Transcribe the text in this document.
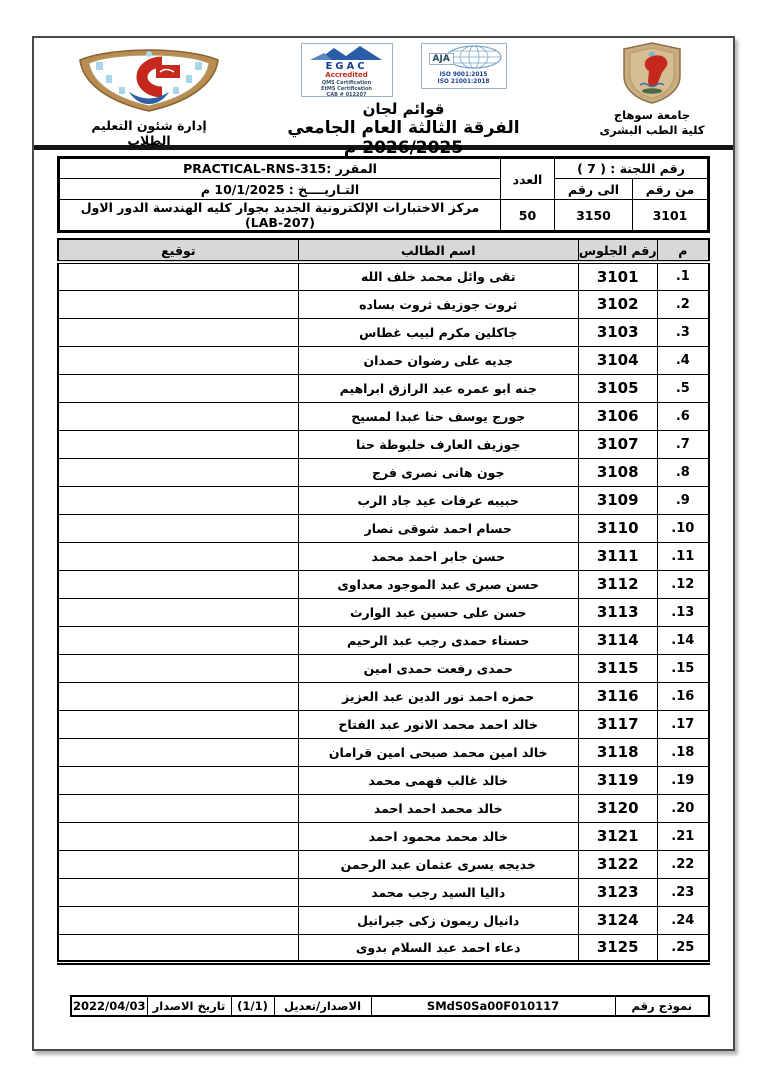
جامعة سوهاج
كلية الطب البشرى
EGAC
Accredited
QMS Certification
EtMS Certification
CAB # 012207
AJA
ISO 9001:2015
ISO 21001:2018
قوائم لجان
الفرقة الثالثة العام الجامعي 2026/2025 م
إدارة شئون التعليم الطلاب
رقم اللجنة : ( 7 )		العدد	المقرر :PRACTICAL-RNS-315
من رقم	الى رقم		التـاريــــخ : 10/1/2025 م
3101	3150	50	مركز الاختبارات الإلكترونية الجديد بجوار كليه الهندسة الدور الاول (LAB-207)
م	رقم الجلوس	اسم الطالب	توقيع
1.	3101	تقى وائل محمد خلف الله	
2.	3102	ثروت جوزيف ثروت بساده	
3.	3103	جاكلين مكرم لبيب غطاس	
4.	3104	جديه على رضوان حمدان	
5.	3105	جنه ابو عمره عبد الرازق ابراهيم	
6.	3106	جورج يوسف حنا عبدا لمسيح	
7.	3107	جوزيف العارف خلبوطة حنا	
8.	3108	جون هانى نصرى فرج	
9.	3109	حبيبه عرفات عيد جاد الرب	
10.	3110	حسام احمد شوقى نصار	
11.	3111	حسن جابر احمد محمد	
12.	3112	حسن صبرى عبد الموجود معداوى	
13.	3113	حسن على حسين عبد الوارث	
14.	3114	حسناء حمدى رجب عبد الرحيم	
15.	3115	حمدى رفعت حمدى امين	
16.	3116	حمزه احمد نور الدين عبد العزيز	
17.	3117	خالد احمد محمد الانور عبد الفتاح	
18.	3118	خالد امين محمد صبحى امين قرامان	
19.	3119	خالد غالب فهمى محمد	
20.	3120	خالد محمد احمد احمد	
21.	3121	خالد محمد محمود احمد	
22.	3122	خديجه يسرى عثمان عبد الرحمن	
23.	3123	داليا السيد رجب محمد	
24.	3124	دانيال ريمون زكى جبرانيل	
25.	3125	دعاء احمد عبد السلام بدوى	
نموذج رقم	SMdS0Sa00F010117	الاصدار/تعديل	(1/1)	تاريخ الاصدار	2022/04/03
